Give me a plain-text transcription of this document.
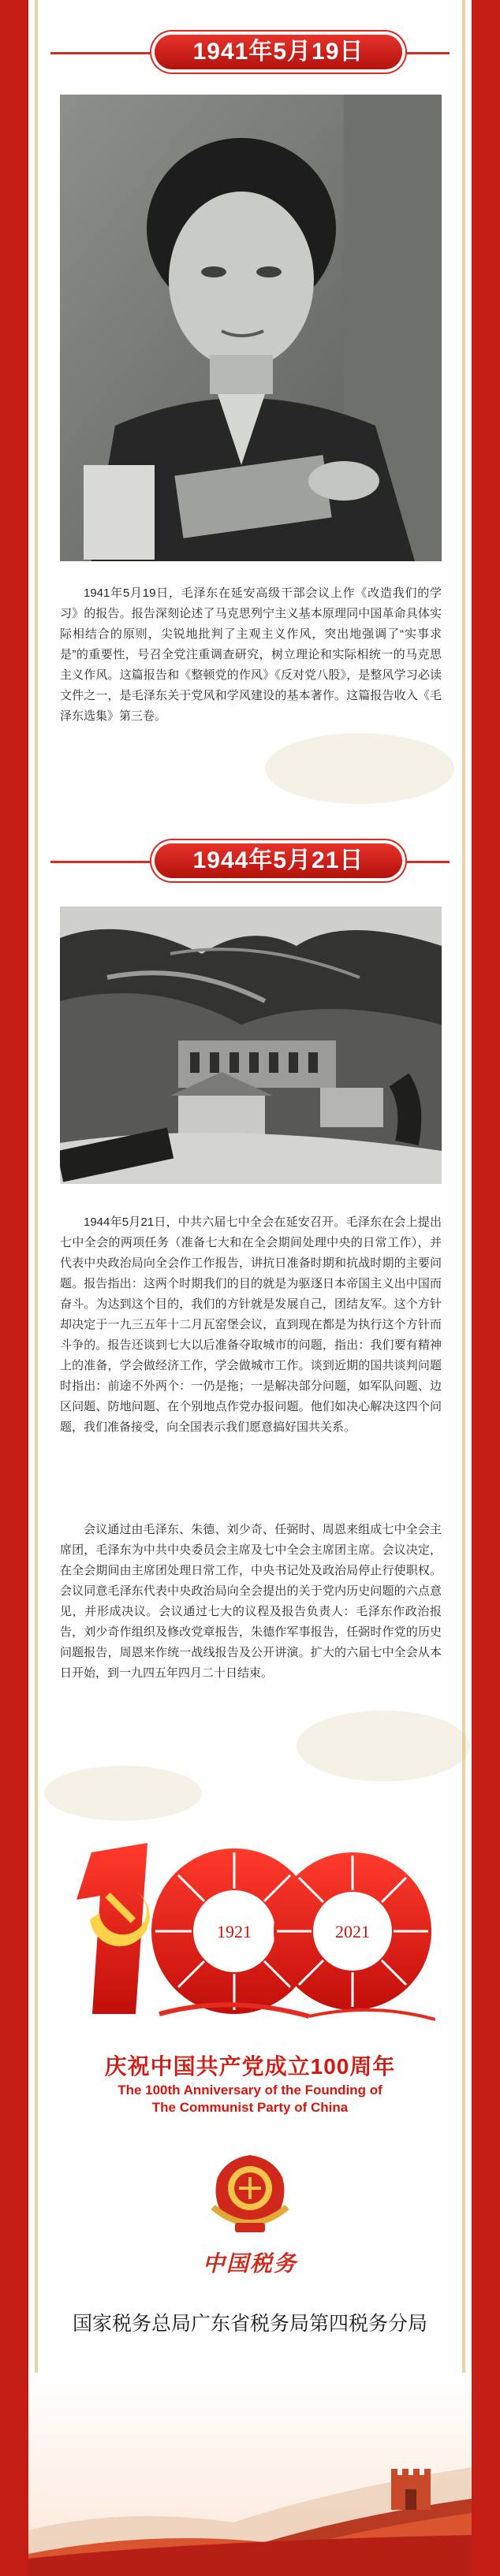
1941年5月19日

1941年5月19日，毛泽东在延安高级干部会议上作《改造我们的学习》的报告。报告深刻论述了马克思列宁主义基本原理同中国革命具体实际相结合的原则，尖锐地批判了主观主义作风，突出地强调了“实事求是”的重要性，号召全党注重调查研究，树立理论和实际相统一的马克思主义作风。这篇报告和《整顿党的作风》《反对党八股》，是整风学习必读文件之一，是毛泽东关于党风和学风建设的基本著作。这篇报告收入《毛泽东选集》第三卷。

1944年5月21日

1944年5月21日，中共六届七中全会在延安召开。毛泽东在会上提出七中全会的两项任务（准备七大和在全会期间处理中央的日常工作），并代表中央政治局向全会作工作报告，讲抗日准备时期和抗战时期的主要问题。报告指出：这两个时期我们的目的就是为驱逐日本帝国主义出中国而奋斗。为达到这个目的，我们的方针就是发展自己，团结友军。这个方针却决定于一九三五年十二月瓦窑堡会议，直到现在都是为执行这个方针而斗争的。报告还谈到七大以后准备夺取城市的问题，指出：我们要有精神上的准备，学会做经济工作，学会做城市工作。谈到近期的国共谈判问题时指出：前途不外两个：一仍是拖；一是解决部分问题，如军队问题、边区问题、防地问题、在个别地点作党办报问题。他们如决心解决这四个问题，我们准备接受，向全国表示我们愿意搞好国共关系。

会议通过由毛泽东、朱德、刘少奇、任弼时、周恩来组成七中全会主席团，毛泽东为中共中央委员会主席及七中全会主席团主席。会议决定，在全会期间由主席团处理日常工作，中央书记处及政治局停止行使职权。会议同意毛泽东代表中央政治局向全会提出的关于党内历史问题的六点意见，并形成决议。会议通过七大的议程及报告负责人：毛泽东作政治报告，刘少奇作组织及修改党章报告，朱德作军事报告，任弼时作党的历史问题报告，周恩来作统一战线报告及公开讲演。扩大的六届七中全会从本日开始，到一九四五年四月二十日结束。

1921	2021
庆祝中国共产党成立100周年
The 100th Anniversary of the Founding of
The Communist Party of China
中国税务
国家税务总局广东省税务局第四税务分局
